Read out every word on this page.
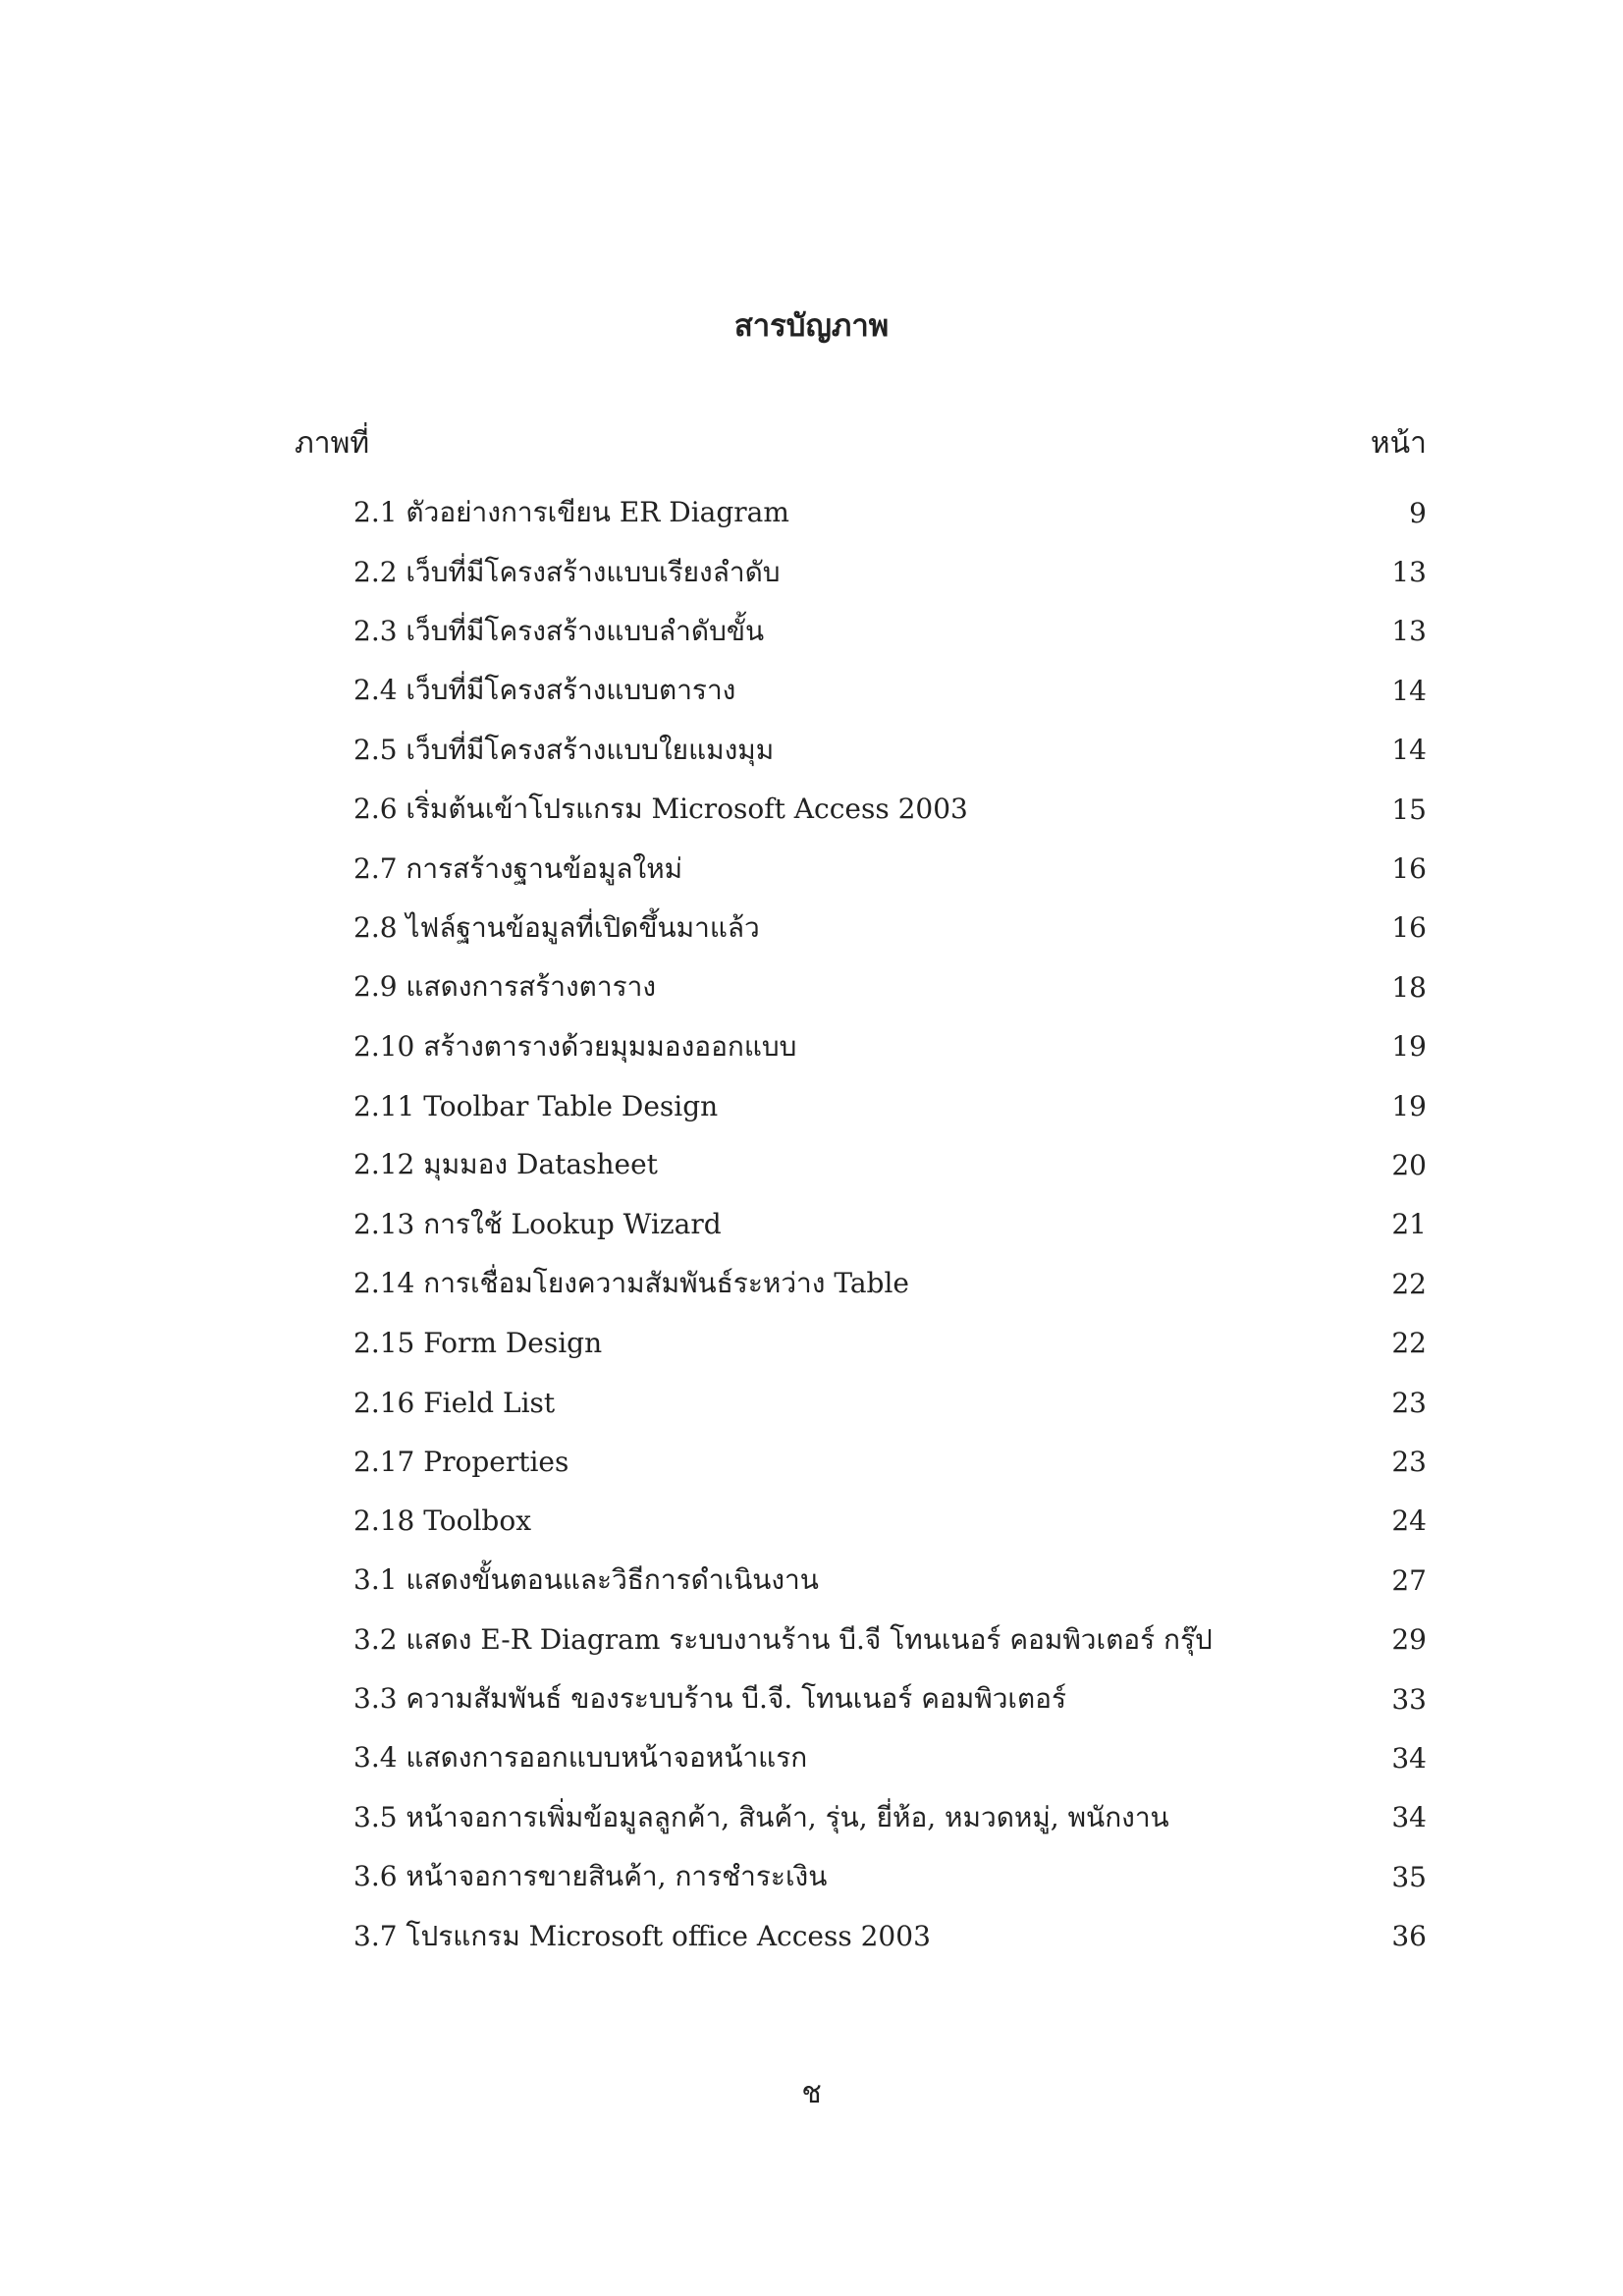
สารบัญภาพ
ภาพที่	หน้า
2.1 ตัวอย่างการเขียน ER Diagram	9
2.2 เว็บที่มีโครงสร้างแบบเรียงลำดับ	13
2.3 เว็บที่มีโครงสร้างแบบลำดับขั้น	13
2.4 เว็บที่มีโครงสร้างแบบตาราง	14
2.5 เว็บที่มีโครงสร้างแบบใยแมงมุม	14
2.6 เริ่มต้นเข้าโปรแกรม Microsoft Access 2003	15
2.7 การสร้างฐานข้อมูลใหม่	16
2.8 ไฟล์ฐานข้อมูลที่เปิดขึ้นมาแล้ว	16
2.9 แสดงการสร้างตาราง	18
2.10 สร้างตารางด้วยมุมมองออกแบบ	19
2.11 Toolbar Table Design	19
2.12 มุมมอง Datasheet	20
2.13 การใช้ Lookup Wizard	21
2.14 การเชื่อมโยงความสัมพันธ์ระหว่าง Table	22
2.15 Form Design	22
2.16 Field List	23
2.17 Properties	23
2.18 Toolbox	24
3.1 แสดงขั้นตอนและวิธีการดำเนินงาน	27
3.2 แสดง E-R Diagram ระบบงานร้าน บี.จี โทนเนอร์ คอมพิวเตอร์ กรุ๊ป	29
3.3 ความสัมพันธ์ ของระบบร้าน บี.จี. โทนเนอร์ คอมพิวเตอร์	33
3.4 แสดงการออกแบบหน้าจอหน้าแรก	34
3.5 หน้าจอการเพิ่มข้อมูลลูกค้า, สินค้า, รุ่น, ยี่ห้อ, หมวดหมู่, พนักงาน	34
3.6 หน้าจอการขายสินค้า, การชำระเงิน	35
3.7 โปรแกรม Microsoft office Access 2003	36
ช
